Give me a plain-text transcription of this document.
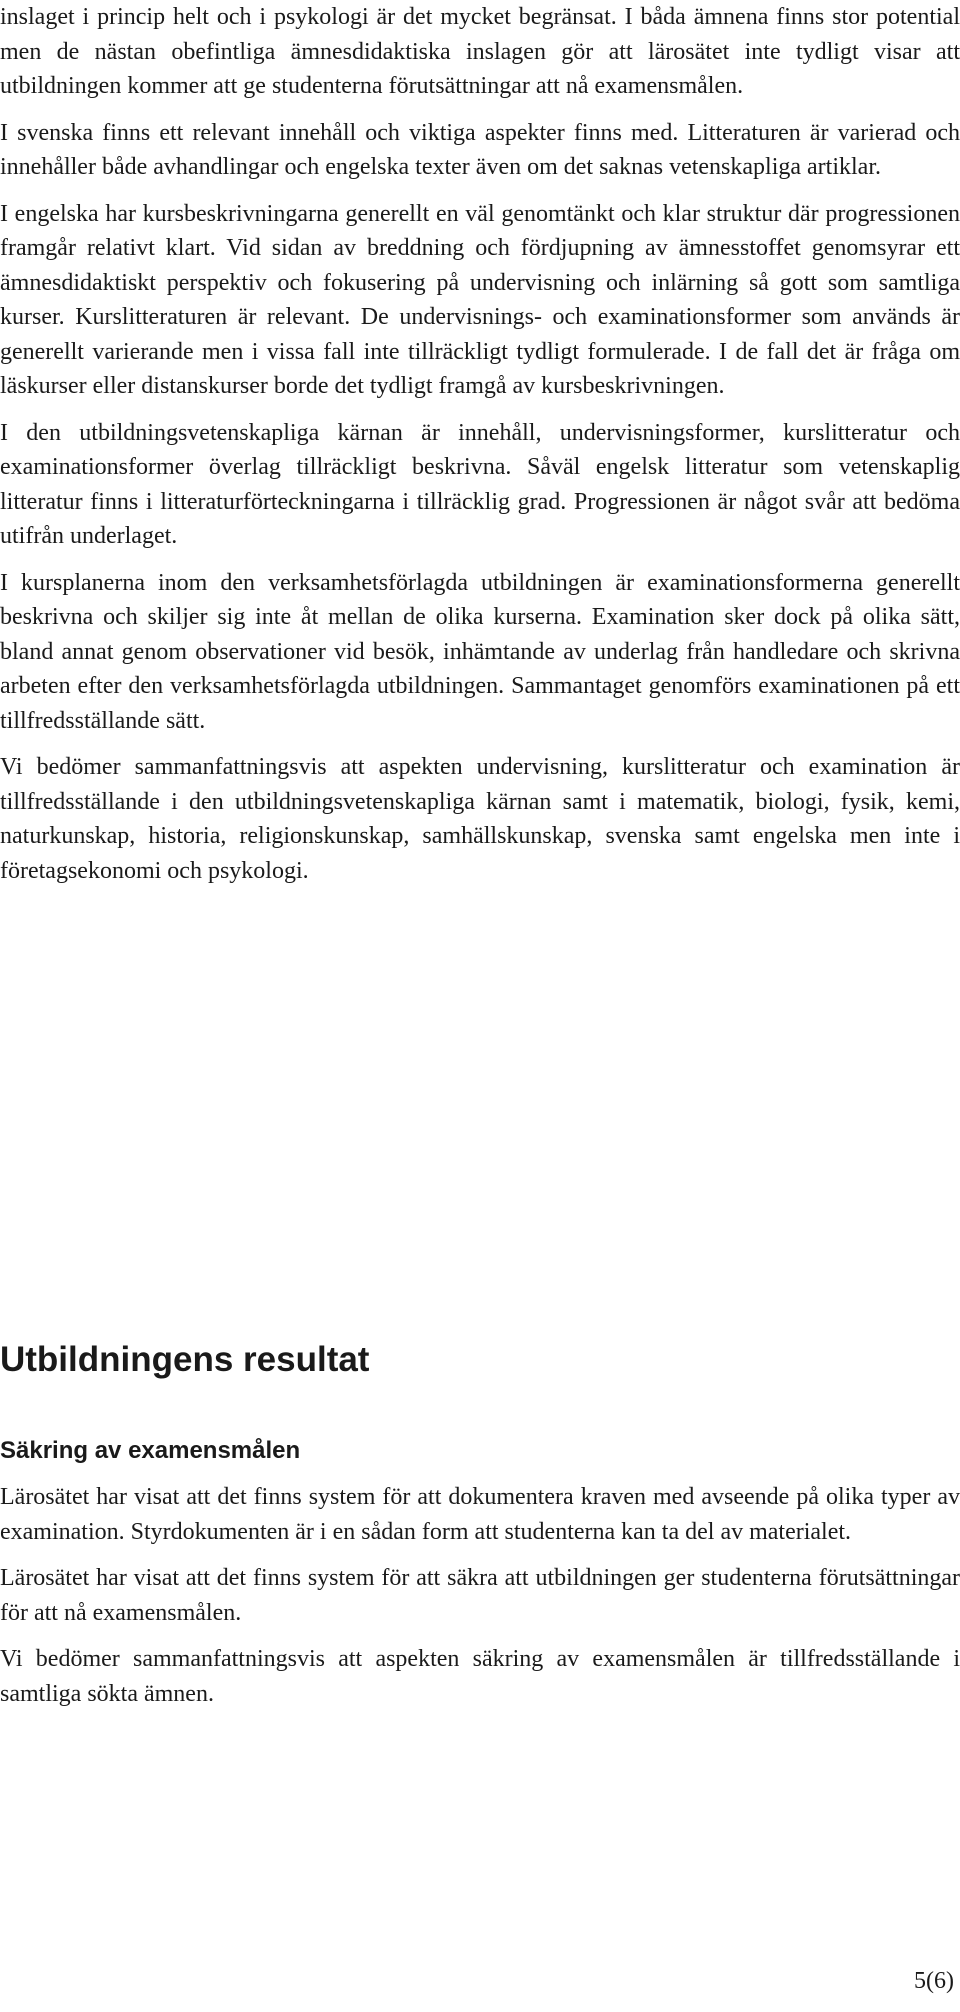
inslaget i princip helt och i psykologi är det mycket begränsat. I båda ämnena finns stor potential men de nästan obefintliga ämnesdidaktiska inslagen gör att lärosätet inte tydligt visar att utbildningen kommer att ge studenterna förutsättningar att nå examensmålen.

I svenska finns ett relevant innehåll och viktiga aspekter finns med. Litteraturen är varierad och innehåller både avhandlingar och engelska texter även om det saknas vetenskapliga artiklar.

I engelska har kursbeskrivningarna generellt en väl genomtänkt och klar struktur där progressionen framgår relativt klart. Vid sidan av breddning och fördjupning av ämnesstoffet genomsyrar ett ämnesdidaktiskt perspektiv och fokusering på undervisning och inlärning så gott som samtliga kurser. Kurslitteraturen är relevant. De undervisnings- och examinationsformer som används är generellt varierande men i vissa fall inte tillräckligt tydligt formulerade. I de fall det är fråga om läskurser eller distanskurser borde det tydligt framgå av kursbeskrivningen.

I den utbildningsvetenskapliga kärnan är innehåll, undervisningsformer, kurslitteratur och examinationsformer överlag tillräckligt beskrivna. Såväl engelsk litteratur som vetenskaplig litteratur finns i litteraturförteckningarna i tillräcklig grad. Progressionen är något svår att bedöma utifrån underlaget.

I kursplanerna inom den verksamhetsförlagda utbildningen är examinationsformerna generellt beskrivna och skiljer sig inte åt mellan de olika kurserna. Examination sker dock på olika sätt, bland annat genom observationer vid besök, inhämtande av underlag från handledare och skrivna arbeten efter den verksamhetsförlagda utbildningen. Sammantaget genomförs examinationen på ett tillfredsställande sätt.

Vi bedömer sammanfattningsvis att aspekten undervisning, kurslitteratur och examination är tillfredsställande i den utbildningsvetenskapliga kärnan samt i matematik, biologi, fysik, kemi, naturkunskap, historia, religionskunskap, samhällskunskap, svenska samt engelska men inte i företagsekonomi och psykologi.

Utbildningens resultat
Säkring av examensmålen

Lärosätet har visat att det finns system för att dokumentera kraven med avseende på olika typer av examination. Styrdokumenten är i en sådan form att studenterna kan ta del av materialet.

Lärosätet har visat att det finns system för att säkra att utbildningen ger studenterna förutsättningar för att nå examensmålen.

Vi bedömer sammanfattningsvis att aspekten säkring av examensmålen är tillfredsställande i samtliga sökta ämnen.

5(6)
